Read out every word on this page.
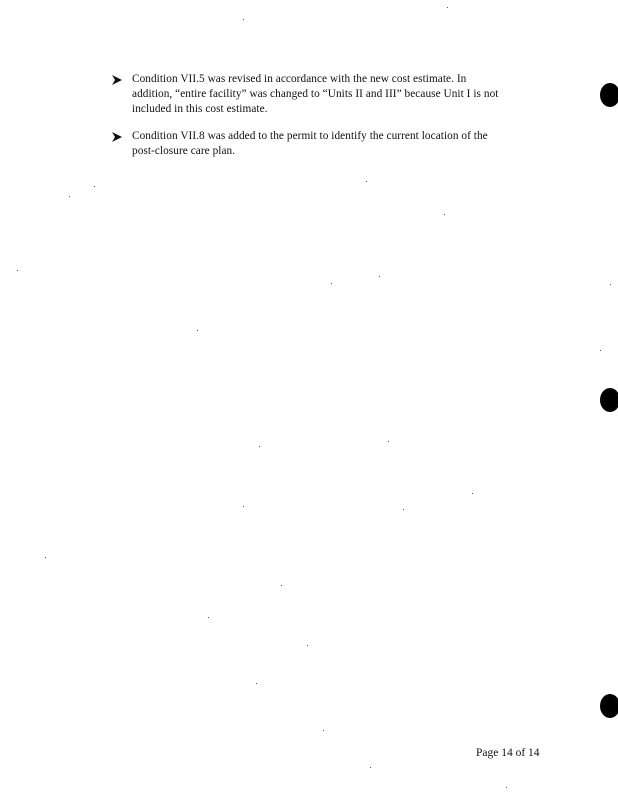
Condition VII.5 was revised in accordance with the new cost estimate. In
addition, “entire facility” was changed to “Units II and III” because Unit I is not
included in this cost estimate.
Condition VII.8 was added to the permit to identify the current location of the
post-closure care plan.
Page 14 of 14
